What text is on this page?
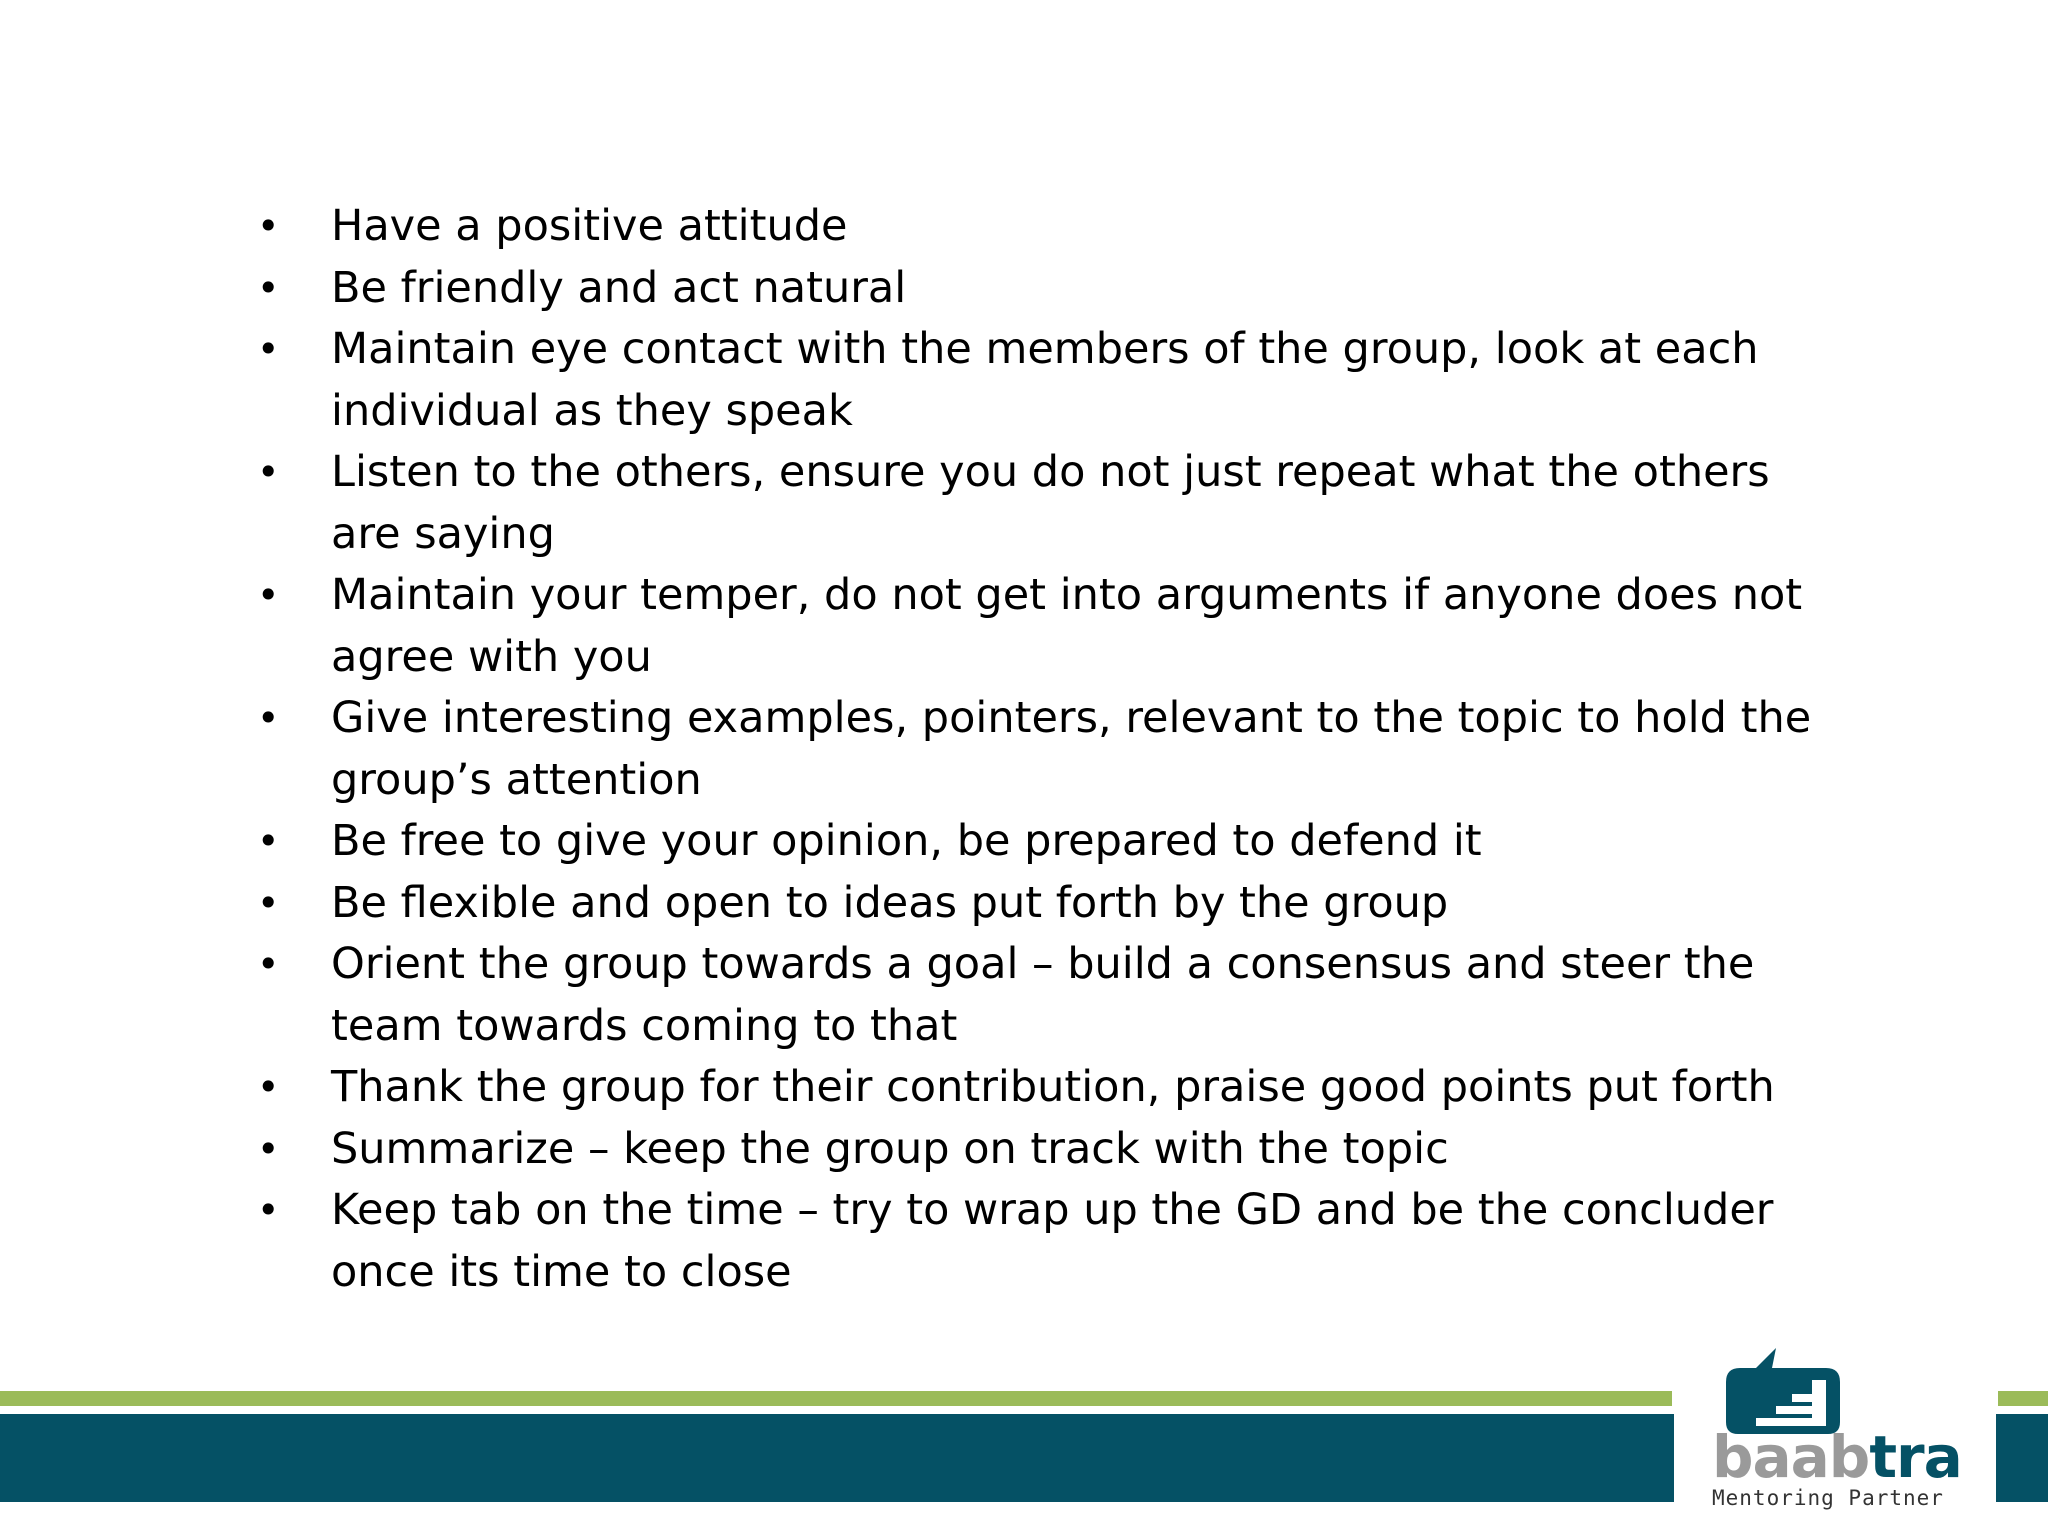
•	Have a positive attitude
•	Be friendly and act natural
•	Maintain eye contact with the members of the group, look at each individual as they speak
•	Listen to the others, ensure you do not just repeat what the others are saying
•	Maintain your temper, do not get into arguments if anyone does not agree with you
•	Give interesting examples, pointers, relevant to the topic to hold the group’s attention
•	Be free to give your opinion, be prepared to defend it
•	Be flexible and open to ideas put forth by the group
•	Orient the group towards a goal – build a consensus and steer the team towards coming to that
•	Thank the group for their contribution, praise good points put forth
•	Summarize – keep the group on track with the topic
•	Keep tab on the time – try to wrap up the GD and be the concluder once its time to close
baabtra
Mentoring Partner
